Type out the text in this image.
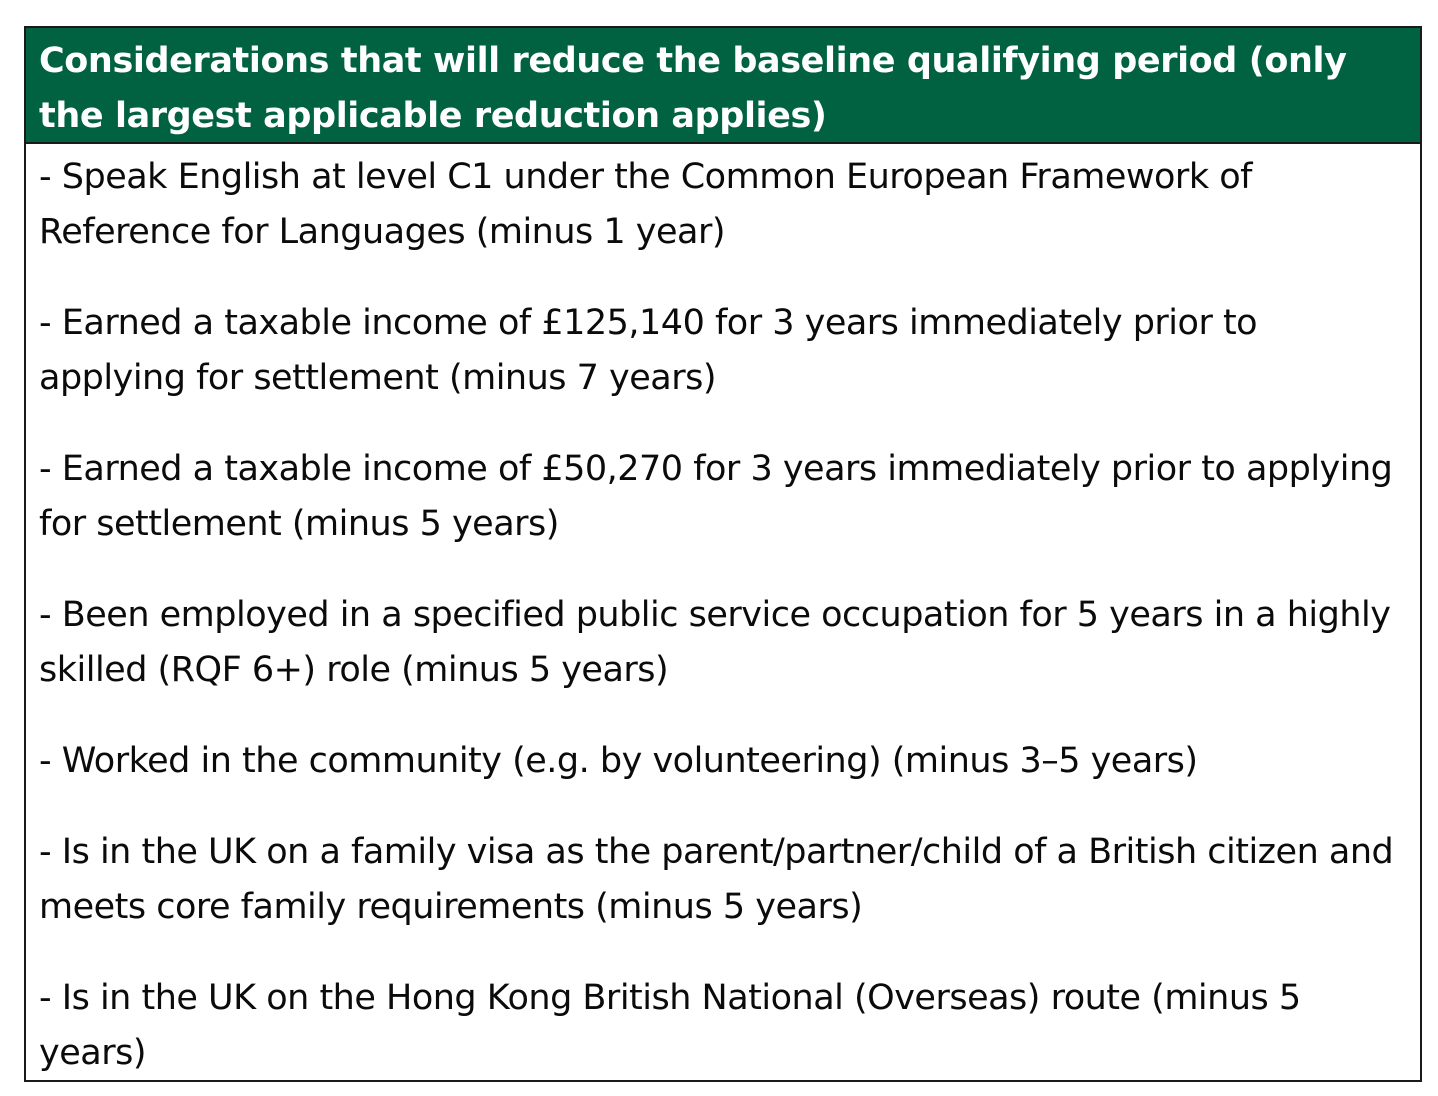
Considerations that will reduce the baseline qualifying period (only the largest applicable reduction applies)
- Speak English at level C1 under the Common European Framework of Reference for Languages (minus 1 year)
- Earned a taxable income of £125,140 for 3 years immediately prior to applying for settlement (minus 7 years)
- Earned a taxable income of £50,270 for 3 years immediately prior to applying for settlement (minus 5 years)
- Been employed in a specified public service occupation for 5 years in a highly skilled (RQF 6+) role (minus 5 years)
- Worked in the community (e.g. by volunteering) (minus 3–5 years)
- Is in the UK on a family visa as the parent/partner/child of a British citizen and meets core family requirements (minus 5 years)
- Is in the UK on the Hong Kong British National (Overseas) route (minus 5 years)
